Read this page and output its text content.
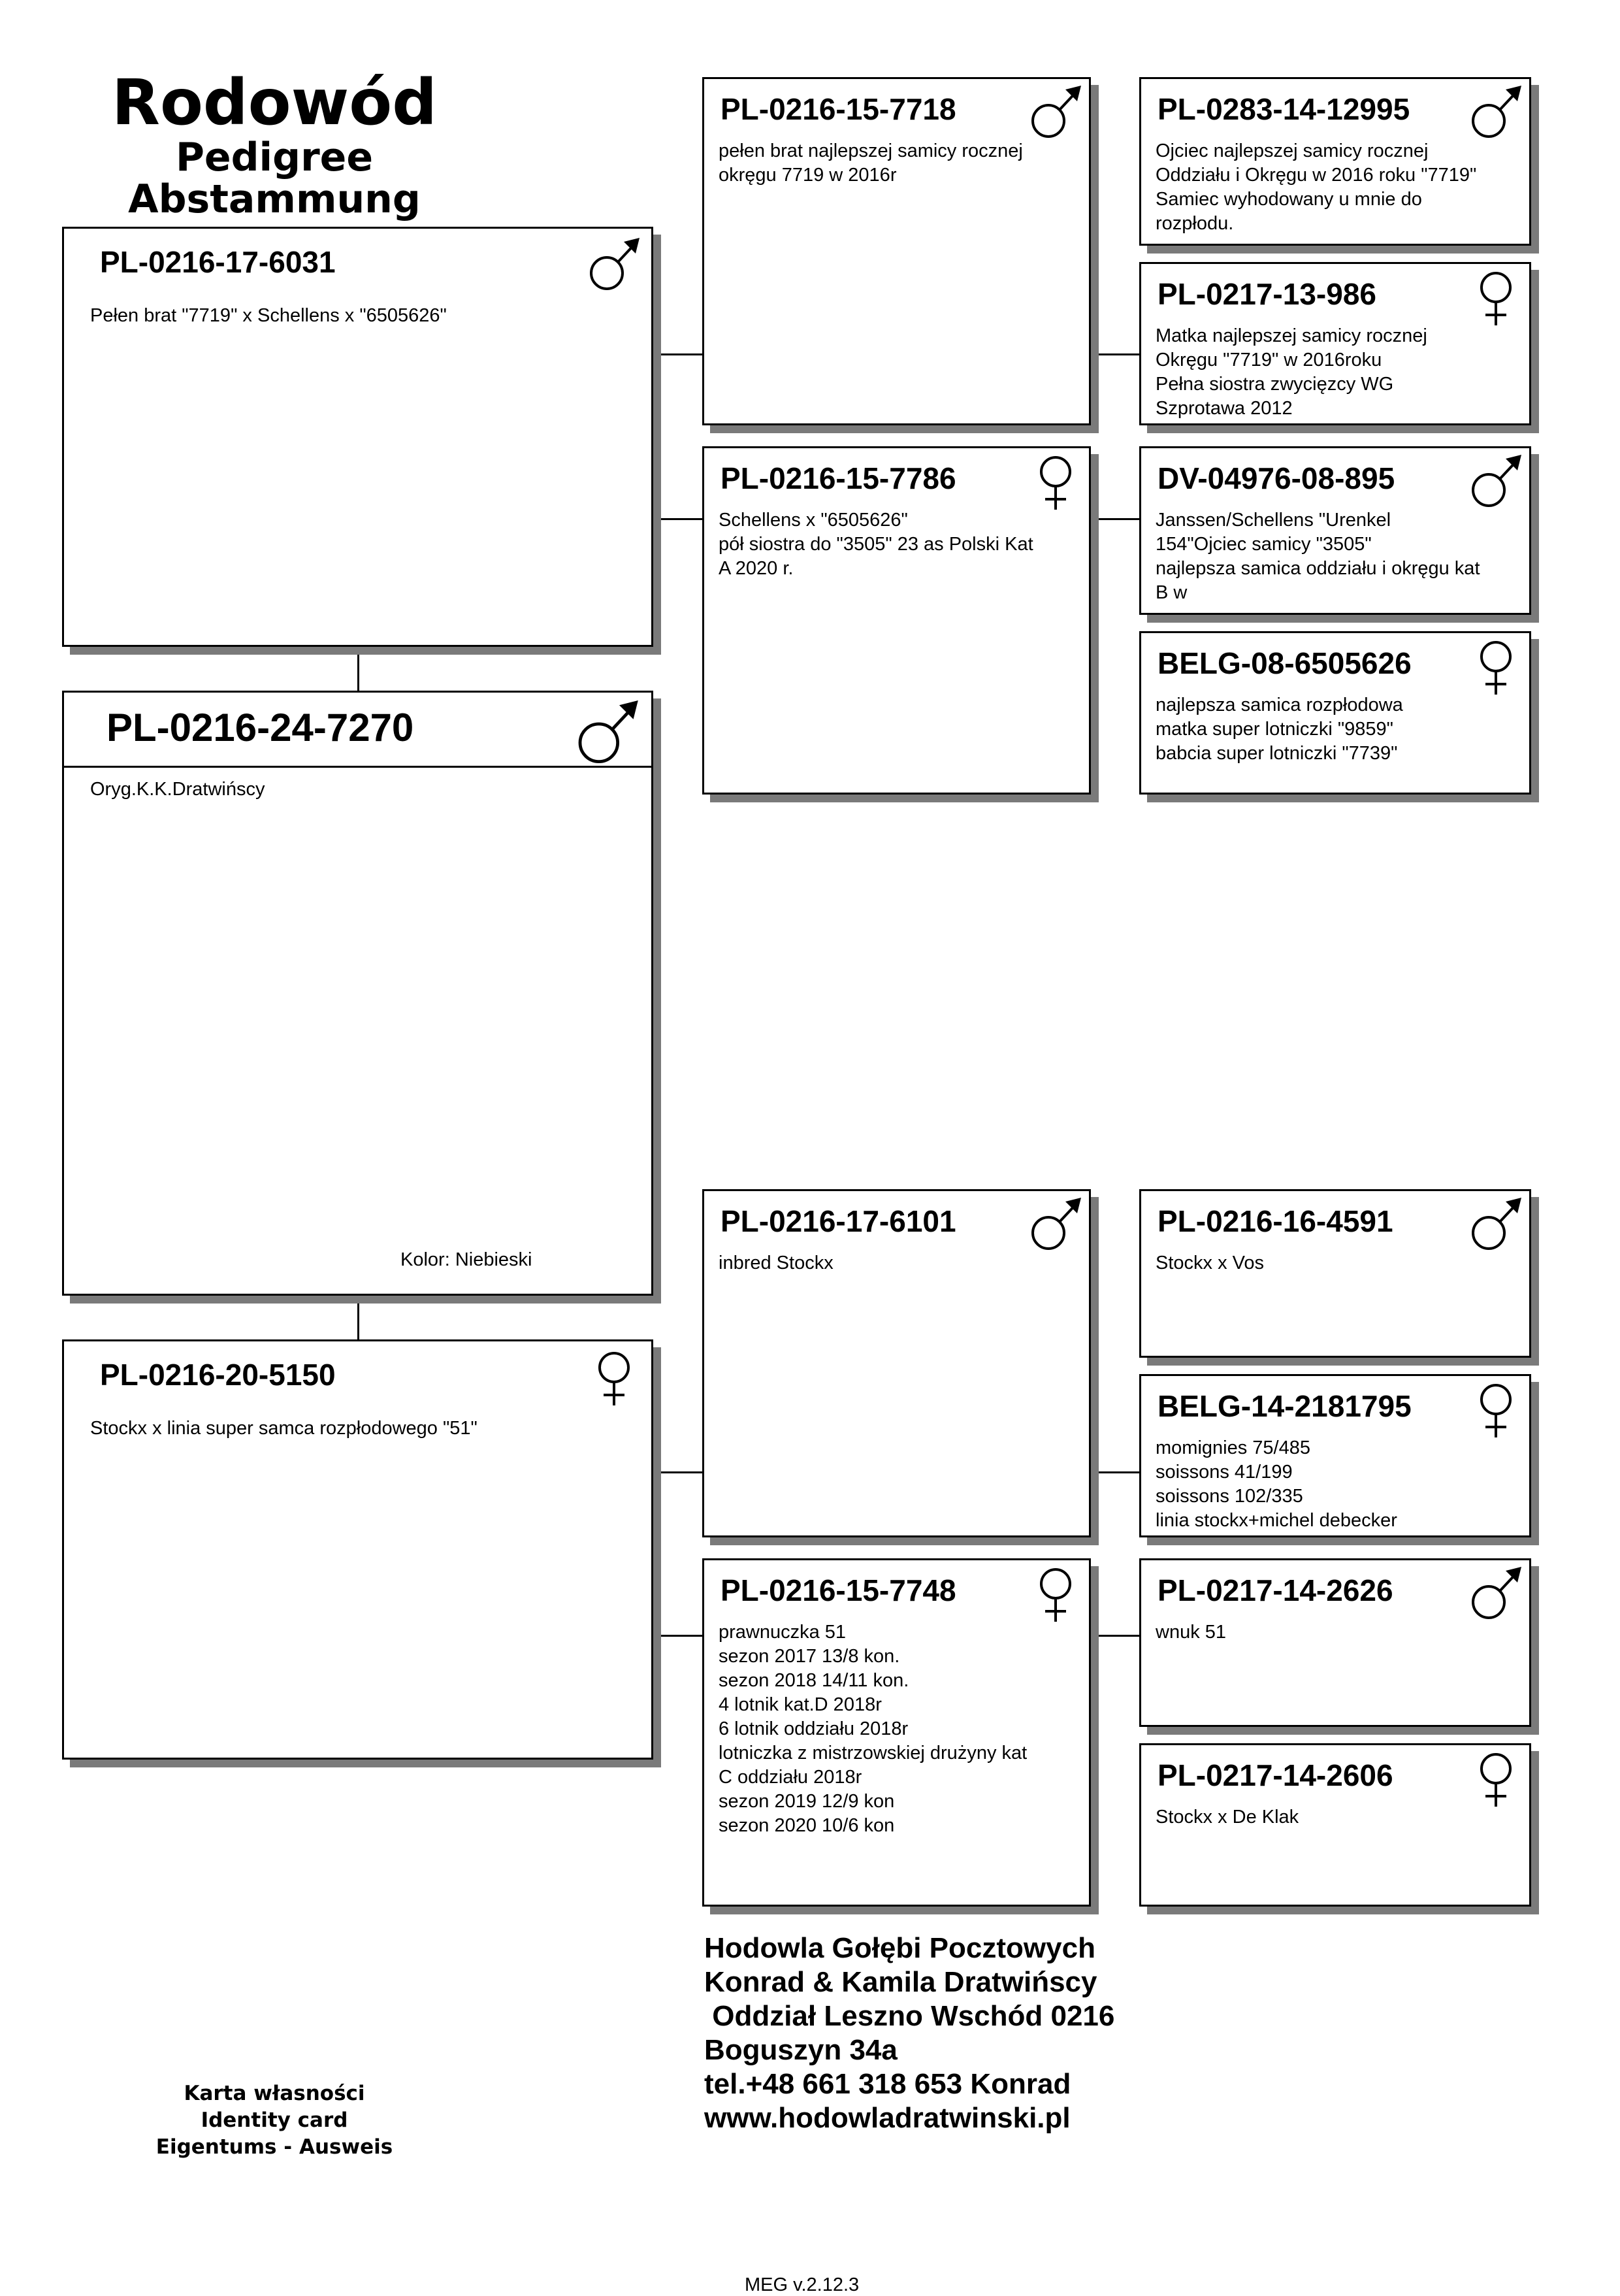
Rodowód
Pedigree
Abstammung
PL-0216-17-6031
Pełen brat "7719" x Schellens x "6505626"
PL-0216-24-7270
Oryg.K.K.Dratwińscy
Kolor: Niebieski
PL-0216-20-5150
Stockx x linia super samca rozpłodowego "51"
PL-0216-15-7718
pełen brat najlepszej samicy rocznej
okręgu 7719 w 2016r
PL-0216-15-7786
Schellens x "6505626"
pół siostra do "3505" 23 as Polski Kat
A 2020 r.
PL-0216-17-6101
inbred Stockx
PL-0216-15-7748
prawnuczka 51
sezon 2017 13/8 kon.
sezon 2018 14/11 kon.
4 lotnik kat.D 2018r
6 lotnik oddziału 2018r
lotniczka z mistrzowskiej drużyny kat
C oddziału 2018r
sezon 2019 12/9 kon
sezon 2020 10/6 kon
PL-0283-14-12995
Ojciec najlepszej samicy rocznej
Oddziału i Okręgu w 2016 roku "7719"
Samiec wyhodowany u mnie do
rozpłodu.
PL-0217-13-986
Matka najlepszej samicy rocznej
Okręgu "7719" w 2016roku
Pełna siostra zwycięzcy WG
Szprotawa 2012
DV-04976-08-895
Janssen/Schellens "Urenkel
154"Ojciec samicy "3505"
najlepsza samica oddziału i okręgu kat
B w
BELG-08-6505626
najlepsza samica rozpłodowa
matka super lotniczki "9859"
babcia super lotniczki "7739"
PL-0216-16-4591
Stockx x Vos
BELG-14-2181795
momignies 75/485
soissons 41/199
soissons 102/335
linia stockx+michel debecker
PL-0217-14-2626
wnuk 51
PL-0217-14-2606
Stockx x De Klak
Hodowla Gołębi Pocztowych
Konrad & Kamila Dratwińscy
Oddział Leszno Wschód 0216
Boguszyn 34a
tel.+48 661 318 653 Konrad
www.hodowladratwinski.pl
Karta własności
Identity card
Eigentums - Ausweis
MEG v.2.12.3
